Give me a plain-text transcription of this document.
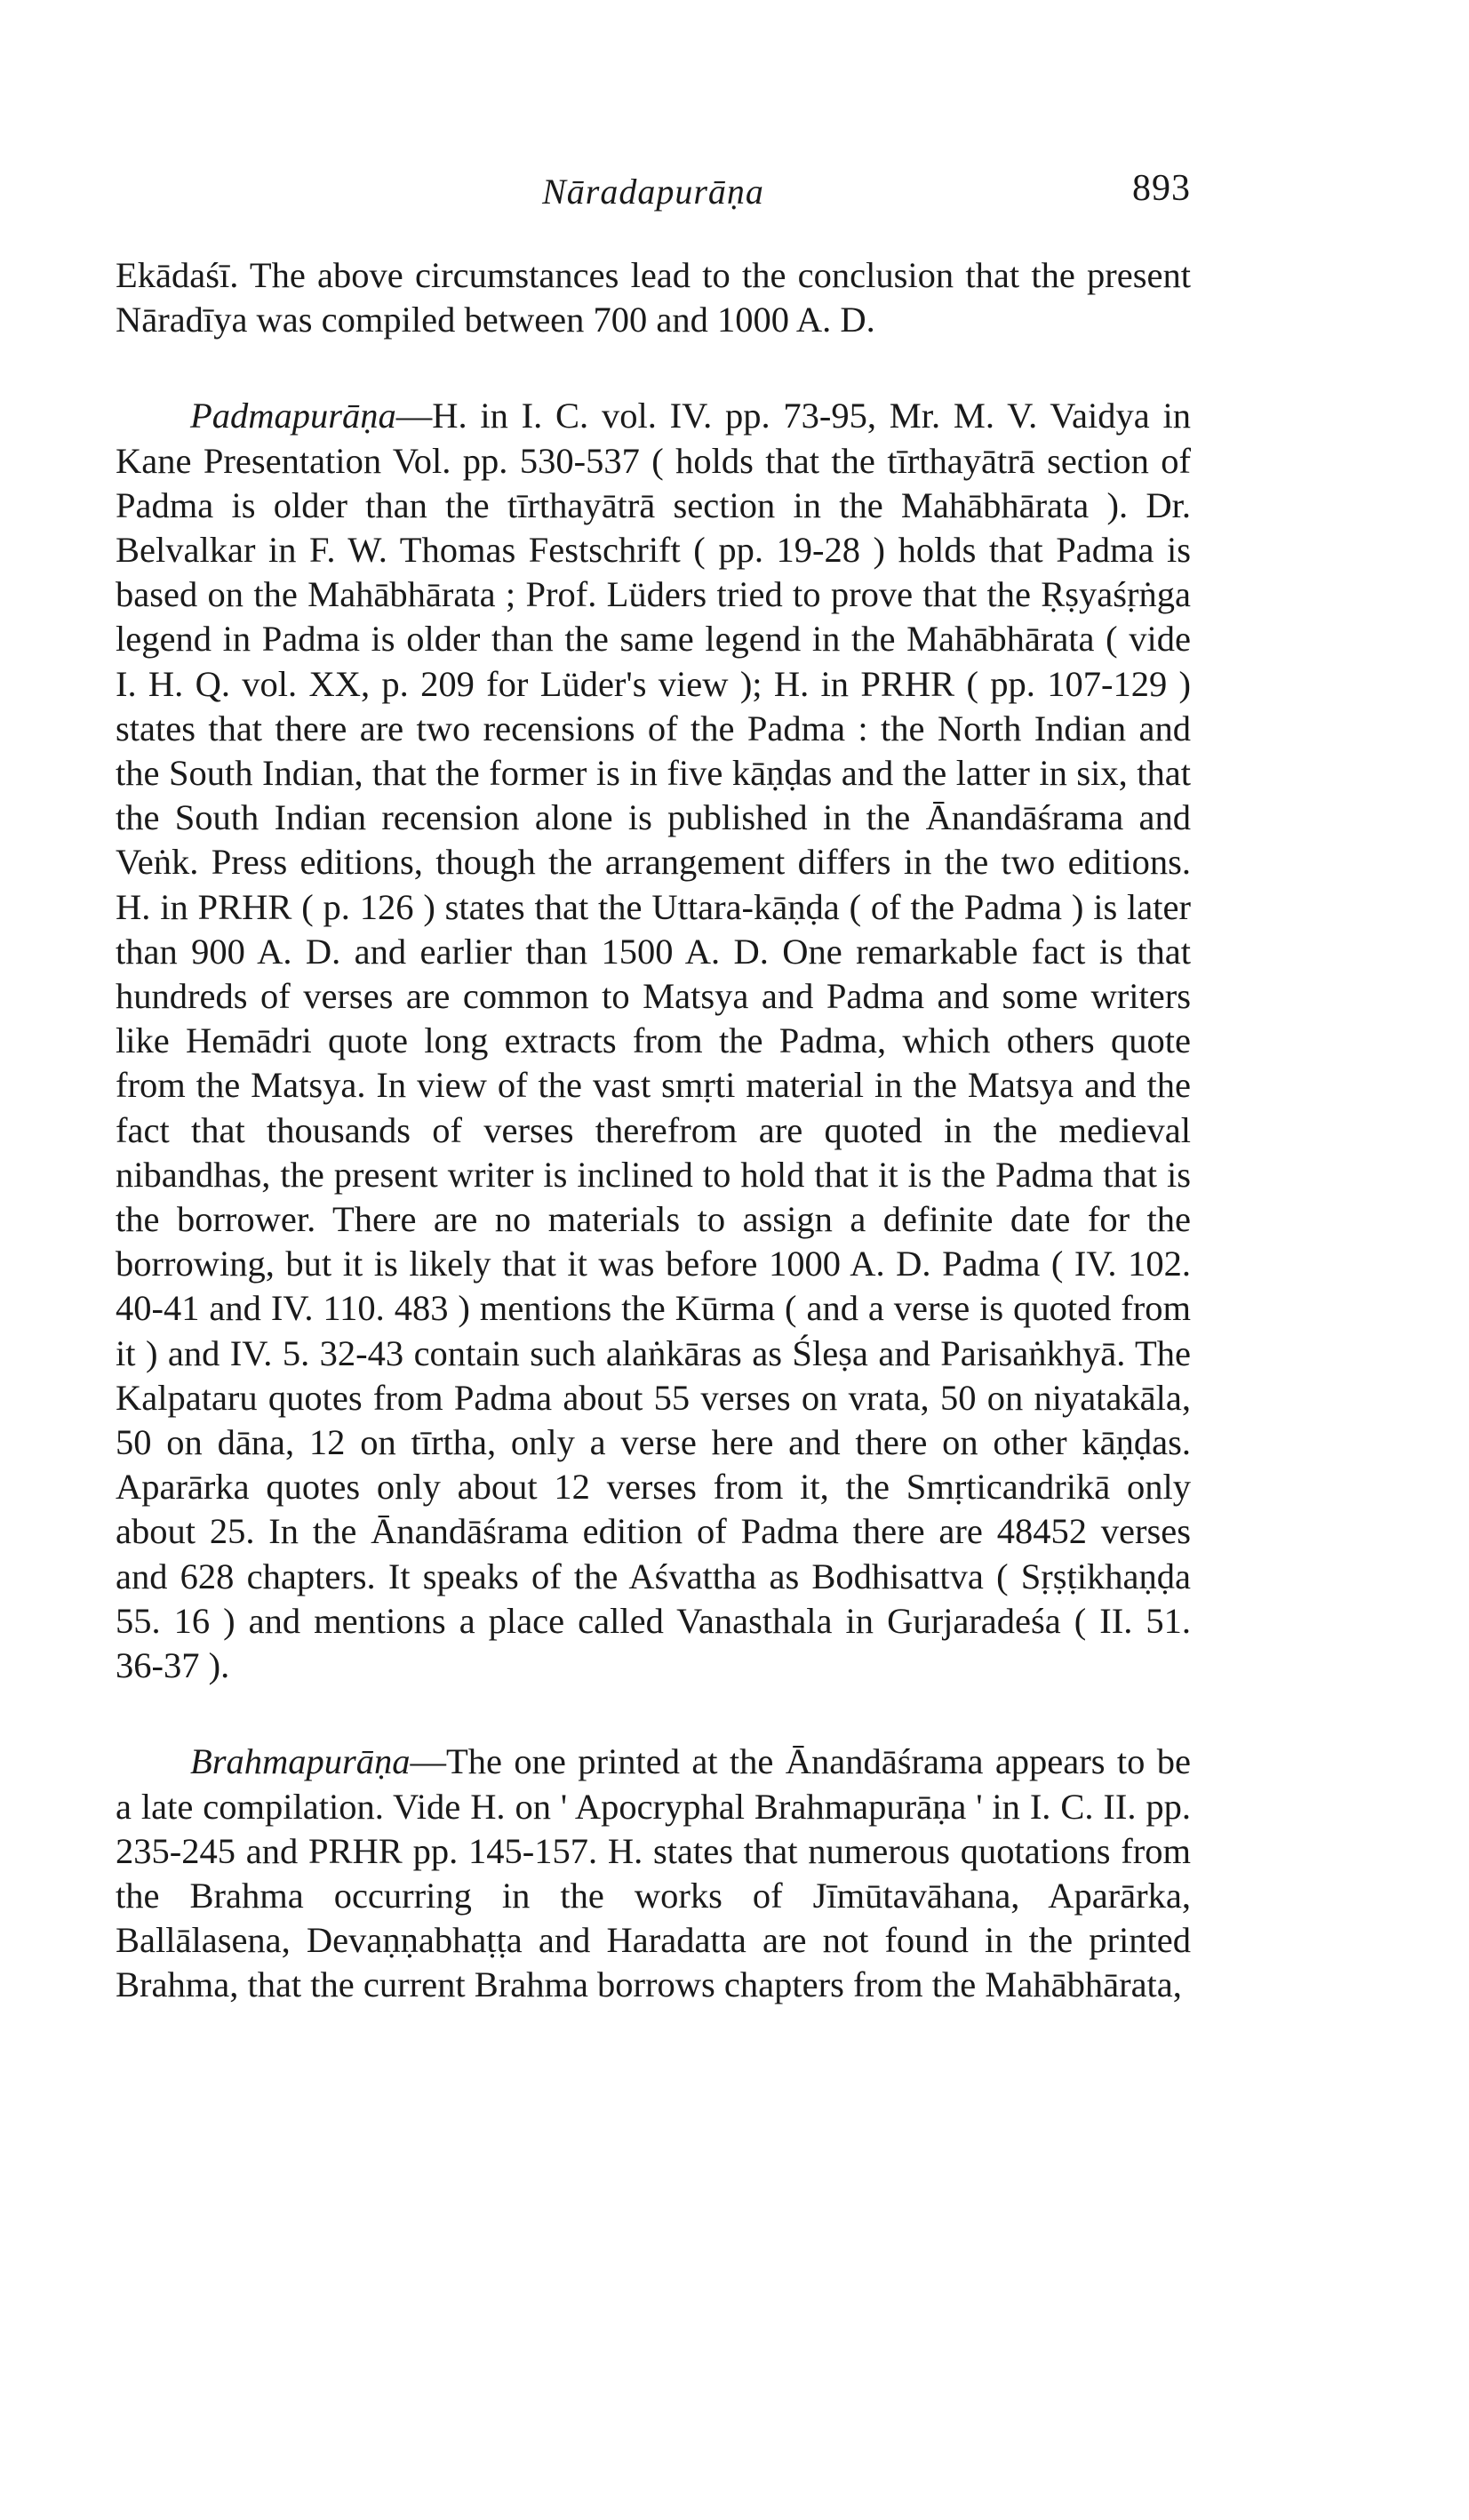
Nāradapurāṇa	893

Ekādaśī. The above circumstances lead to the conclusion that the present Nāradīya was compiled between 700 and 1000 A. D.

Padmapurāṇa—H. in I. C. vol. IV. pp. 73-95, Mr. M. V. Vaidya in Kane Presentation Vol. pp. 530-537 ( holds that the tīrthayātrā section of Padma is older than the tīrthayātrā section in the Mahābhārata ). Dr. Belvalkar in F. W. Thomas Festschrift ( pp. 19-28 ) holds that Padma is based on the Mahābhārata ; Prof. Lüders tried to prove that the Ṛṣyaśṛṅga legend in Padma is older than the same legend in the Mahābhārata ( vide I. H. Q. vol. XX, p. 209 for Lüder's view ); H. in PRHR ( pp. 107-129 ) states that there are two recensions of the Padma : the North Indian and the South Indian, that the former is in five kāṇḍas and the latter in six, that the South Indian recension alone is published in the Ānandāśrama and Veṅk. Press editions, though the arrangement differs in the two editions. H. in PRHR ( p. 126 ) states that the Uttara-kāṇḍa ( of the Padma ) is later than 900 A. D. and earlier than 1500 A. D. One remarkable fact is that hundreds of verses are common to Matsya and Padma and some writers like Hemādri quote long extracts from the Padma, which others quote from the Matsya. In view of the vast smṛti material in the Matsya and the fact that thousands of verses therefrom are quoted in the medieval nibandhas, the present writer is inclined to hold that it is the Padma that is the borrower. There are no materials to assign a definite date for the borrowing, but it is likely that it was before 1000 A. D. Padma ( IV. 102. 40-41 and IV. 110. 483 ) mentions the Kūrma ( and a verse is quoted from it ) and IV. 5. 32-43 contain such alaṅkāras as Śleṣa and Parisaṅkhyā. The Kalpataru quotes from Padma about 55 verses on vrata, 50 on niyatakāla, 50 on dāna, 12 on tīrtha, only a verse here and there on other kāṇḍas. Aparārka quotes only about 12 verses from it, the Smṛticandrikā only about 25. In the Ānandāśrama edition of Padma there are 48452 verses and 628 chapters. It speaks of the Aśvattha as Bodhisattva ( Sṛṣṭikhaṇḍa 55. 16 ) and mentions a place called Vanasthala in Gurjaradeśa ( II. 51. 36-37 ).

Brahmapurāṇa—The one printed at the Ānandāśrama appears to be a late compilation. Vide H. on ' Apocryphal Brahmapurāṇa ' in I. C. II. pp. 235-245 and PRHR pp. 145-157. H. states that numerous quotations from the Brahma occurring in the works of Jīmūtavāhana, Aparārka, Ballālasena, Devaṇṇabhaṭṭa and Haradatta are not found in the printed Brahma, that the current Brahma borrows chapters from the Mahābhārata,
